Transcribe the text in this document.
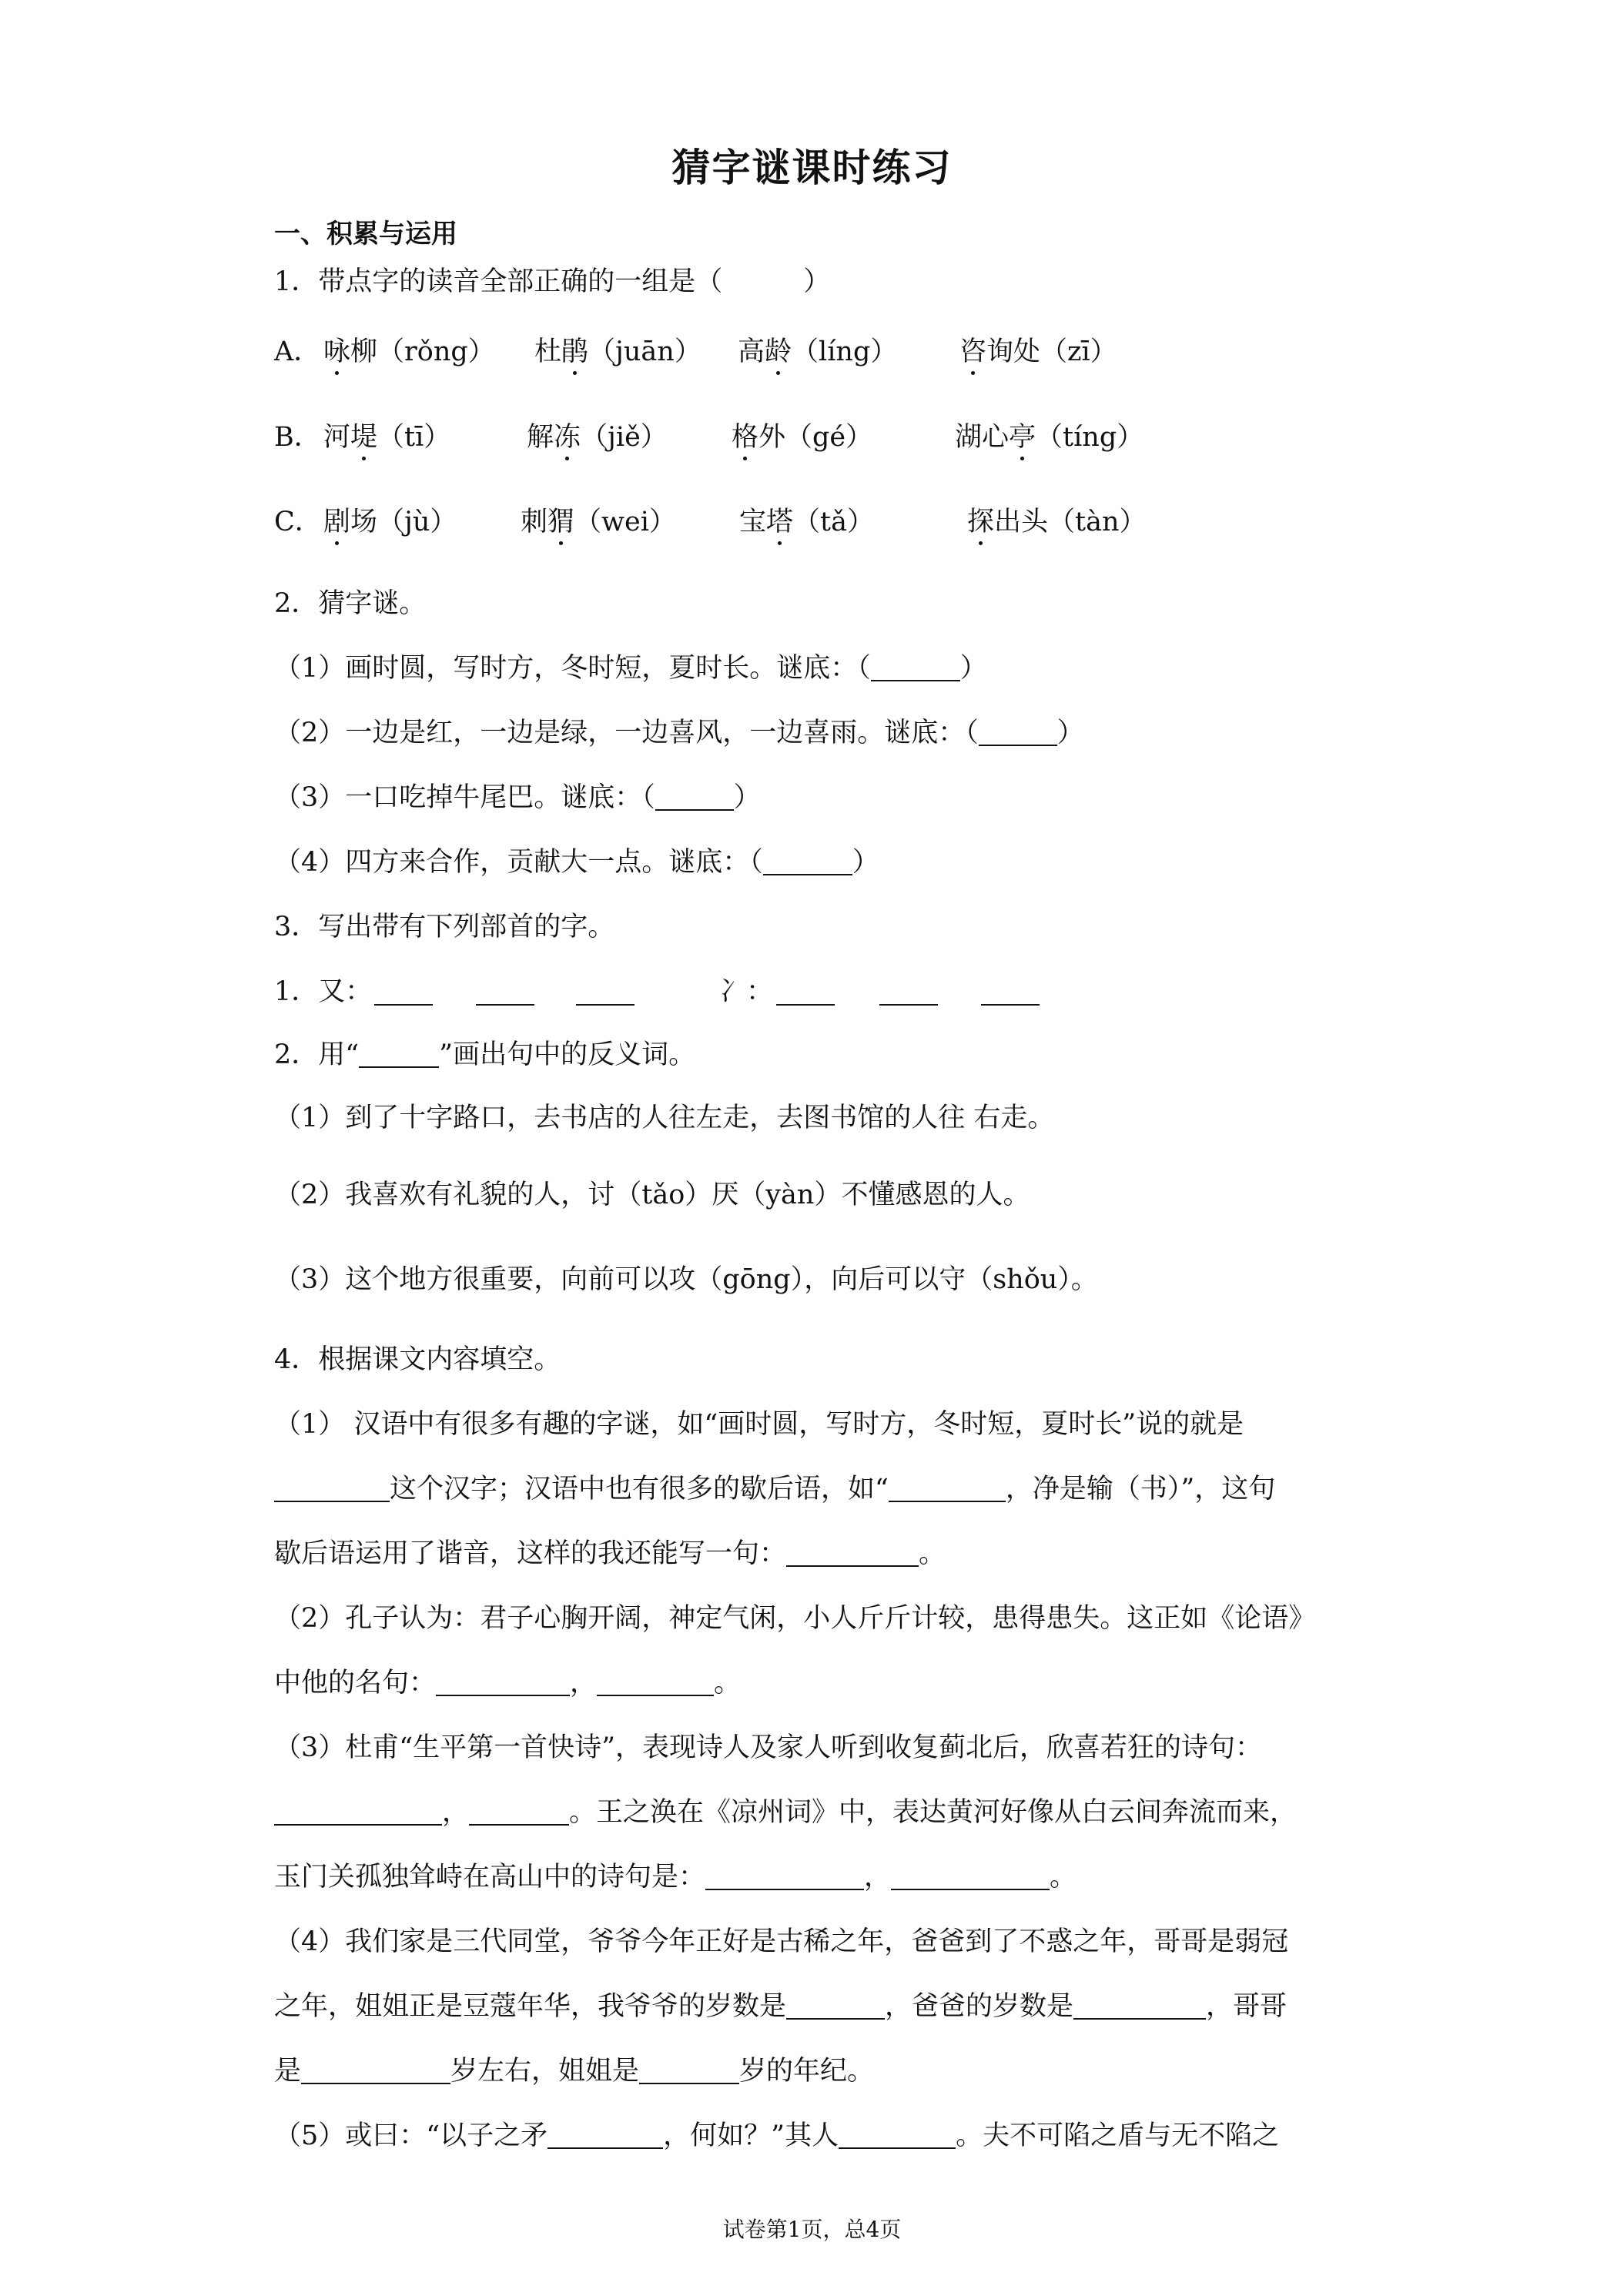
猜字谜课时练习
一、积累与运用
1．带点字的读音全部正确的一组是（　　　）
A． 咏柳（rǒng） 杜鹃（juān） 高龄（líng） 咨询处（zī）
B． 河堤（tī）	解冻（jiě） 格外（gé）	湖心亭（tíng）
C． 剧场（jù） 刺猬（wei） 宝塔（tǎ）	探出头（tàn）
2．猜字谜。
（1）画时圆，写时方，冬时短，夏时长。谜底：（	）
（2）一边是红，一边是绿，一边喜风，一边喜雨。谜底：（	）
（3）一口吃掉牛尾巴。谜底：（	）
（4）四方来合作，贡献大一点。谜底：（	）
3．写出带有下列部首的字。
1．又：	冫：
2．用“	”画出句中的反义词。
（1）到了十字路口，去书店的人往左走，去图书馆的人往 右走。
（2）我喜欢有礼貌的人，讨（tǎo）厌（yàn）不懂感恩的人。
（3）这个地方很重要，向前可以攻（gōng），向后可以守（shǒu）。
4．根据课文内容填空。
（1） 汉语中有很多有趣的字谜，如“画时圆，写时方，冬时短，夏时长”说的就是
这个汉字；汉语中也有很多的歇后语，如“	，净是输（书）”，这句
歇后语运用了谐音，这样的我还能写一句：	。
（2）孔子认为：君子心胸开阔，神定气闲，小人斤斤计较，患得患失。这正如《论语》
中他的名句：	，	。
（3）杜甫“生平第一首快诗”，表现诗人及家人听到收复蓟北后，欣喜若狂的诗句：
，	。王之涣在《凉州词》中，表达黄河好像从白云间奔流而来，
玉门关孤独耸峙在高山中的诗句是：	，	。
（4）我们家是三代同堂，爷爷今年正好是古稀之年，爸爸到了不惑之年，哥哥是弱冠
之年，姐姐正是豆蔻年华，我爷爷的岁数是	，爸爸的岁数是	，哥哥
是	岁左右，姐姐是	岁的年纪。
（5）或曰：“以子之矛	，何如？”其人	。夫不可陷之盾与无不陷之
试卷第1页，总4页
